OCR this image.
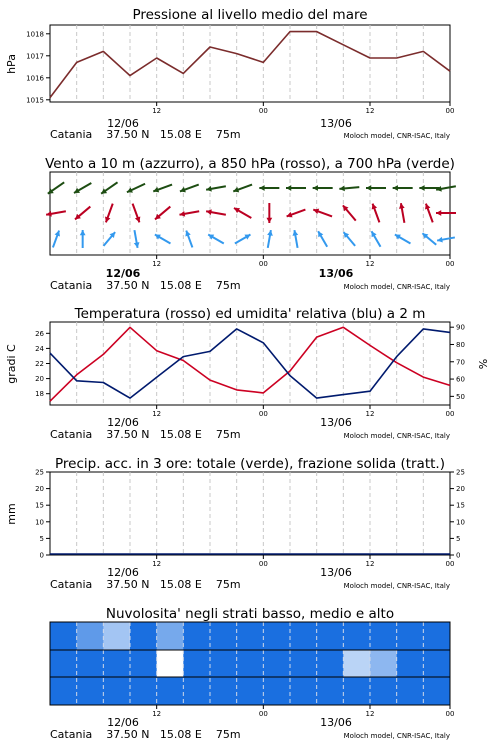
Pressione al livello medio del mare
1015
1016
1017
1018
hPa
12	00	12	00
12/06	13/06
Catania    37.50 N   15.08 E    75m	Moloch model, CNR-ISAC, Italy
Vento a 10 m (azzurro), a 850 hPa (rosso), a 700 hPa (verde)
12	00	12	00
12/06	13/06
Catania    37.50 N   15.08 E    75m	Moloch model, CNR-ISAC, Italy
Temperatura (rosso) ed umidita' relativa (blu) a 2 m
18
20
22
24
26
50
60
70
80
90
gradi C	%
12	00	12	00
12/06	13/06
Catania    37.50 N   15.08 E    75m	Moloch model, CNR-ISAC, Italy
Precip. acc. in 3 ore: totale (verde), frazione solida (tratt.)
0
5
10
15
20
25
0
5
10
15
20
25
mm
12	00	12	00
12/06	13/06
Catania    37.50 N   15.08 E    75m	Moloch model, CNR-ISAC, Italy
Nuvolosita' negli strati basso, medio e alto
12	00	12	00
12/06	13/06
Catania    37.50 N   15.08 E    75m	Moloch model, CNR-ISAC, Italy
